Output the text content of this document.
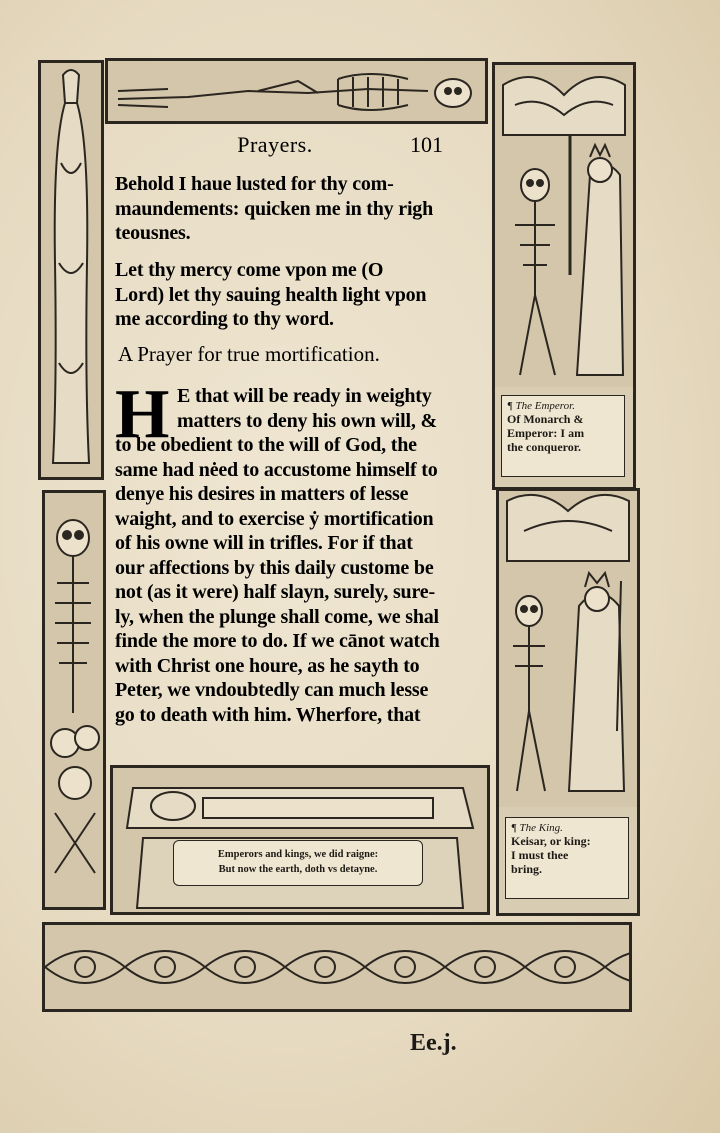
¶ The Emperor.
Of Monarch &
Emperor: I am
the conqueror.
¶ The King.
Keisar, or king:
I must thee
bring.
Emperors and kings, we did raigne:
But now the earth, doth vs detayne.
Prayers.	101
Behold I haue lusted for thy com-
maundements: quicken me in thy righ
teousnes.
Let thy mercy come vpon me (O
Lord) let thy sauing health light vpon
me according to thy word.
A Prayer for true mortification.
H E that will be ready in weighty
matters to deny his own will, &
to be obedient to the will of God, the
same had nėed to accustome himself to
denye his desires in matters of lesse
waight, and to exercise ẏ mortification
of his owne will in trifles. For if that
our affections by this daily custome be
not (as it were) half slayn, surely, sure-
ly, when the plunge shall come, we shal
finde the more to do. If we cānot watch
with Christ one houre, as he sayth to
Peter, we vndoubtedly can much lesse
go to death with him. Wherfore, that
Ee.j.
